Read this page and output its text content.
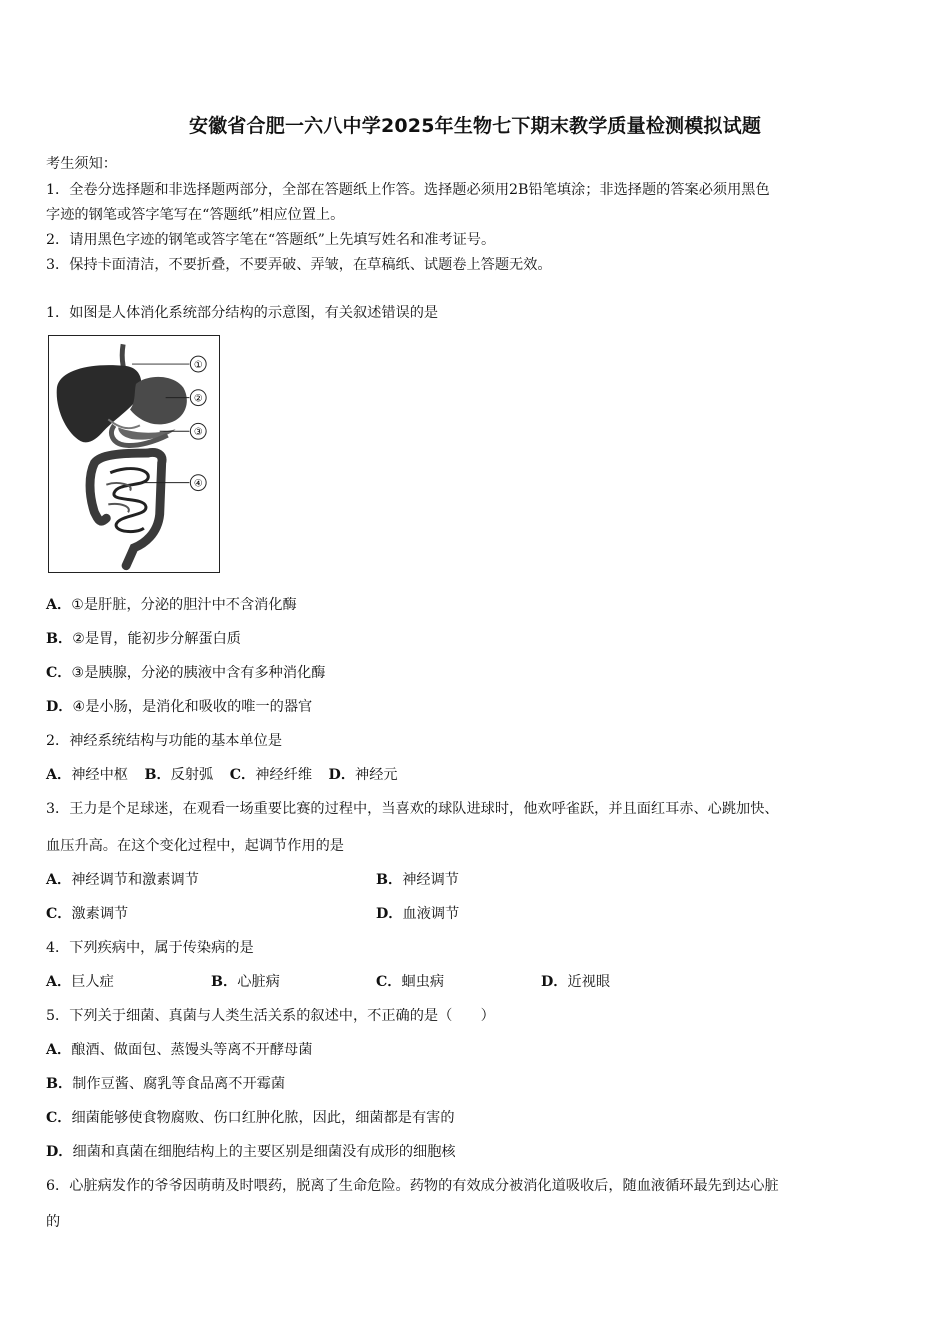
安徽省合肥一六八中学2025年生物七下期末教学质量检测模拟试题
考生须知：
1．全卷分选择题和非选择题两部分，全部在答题纸上作答。选择题必须用2B铅笔填涂；非选择题的答案必须用黑色
字迹的钢笔或答字笔写在“答题纸”相应位置上。
2．请用黑色字迹的钢笔或答字笔在“答题纸”上先填写姓名和准考证号。
3．保持卡面清洁，不要折叠，不要弄破、弄皱，在草稿纸、试题卷上答题无效。
1．如图是人体消化系统部分结构的示意图，有关叙述错误的是
①
②
③
④
A．①是肝脏，分泌的胆汁中不含消化酶
B．②是胃，能初步分解蛋白质
C．③是胰腺，分泌的胰液中含有多种消化酶
D．④是小肠，是消化和吸收的唯一的器官
2．神经系统结构与功能的基本单位是
A．神经中枢 B．反射弧 C．神经纤维 D．神经元
3．王力是个足球迷，在观看一场重要比赛的过程中，当喜欢的球队进球时，他欢呼雀跃，并且面红耳赤、心跳加快、
血压升高。在这个变化过程中，起调节作用的是
A．神经调节和激素调节	B．神经调节
C．激素调节	D．血液调节
4．下列疾病中，属于传染病的是
A．巨人症	B．心脏病	C．蛔虫病	D．近视眼
5．下列关于细菌、真菌与人类生活关系的叙述中，不正确的是（　　）
A．酿酒、做面包、蒸馒头等离不开酵母菌
B．制作豆酱、腐乳等食品离不开霉菌
C．细菌能够使食物腐败、伤口红肿化脓，因此，细菌都是有害的
D．细菌和真菌在细胞结构上的主要区别是细菌没有成形的细胞核
6．心脏病发作的爷爷因萌萌及时喂药，脱离了生命危险。药物的有效成分被消化道吸收后，随血液循环最先到达心脏
的
